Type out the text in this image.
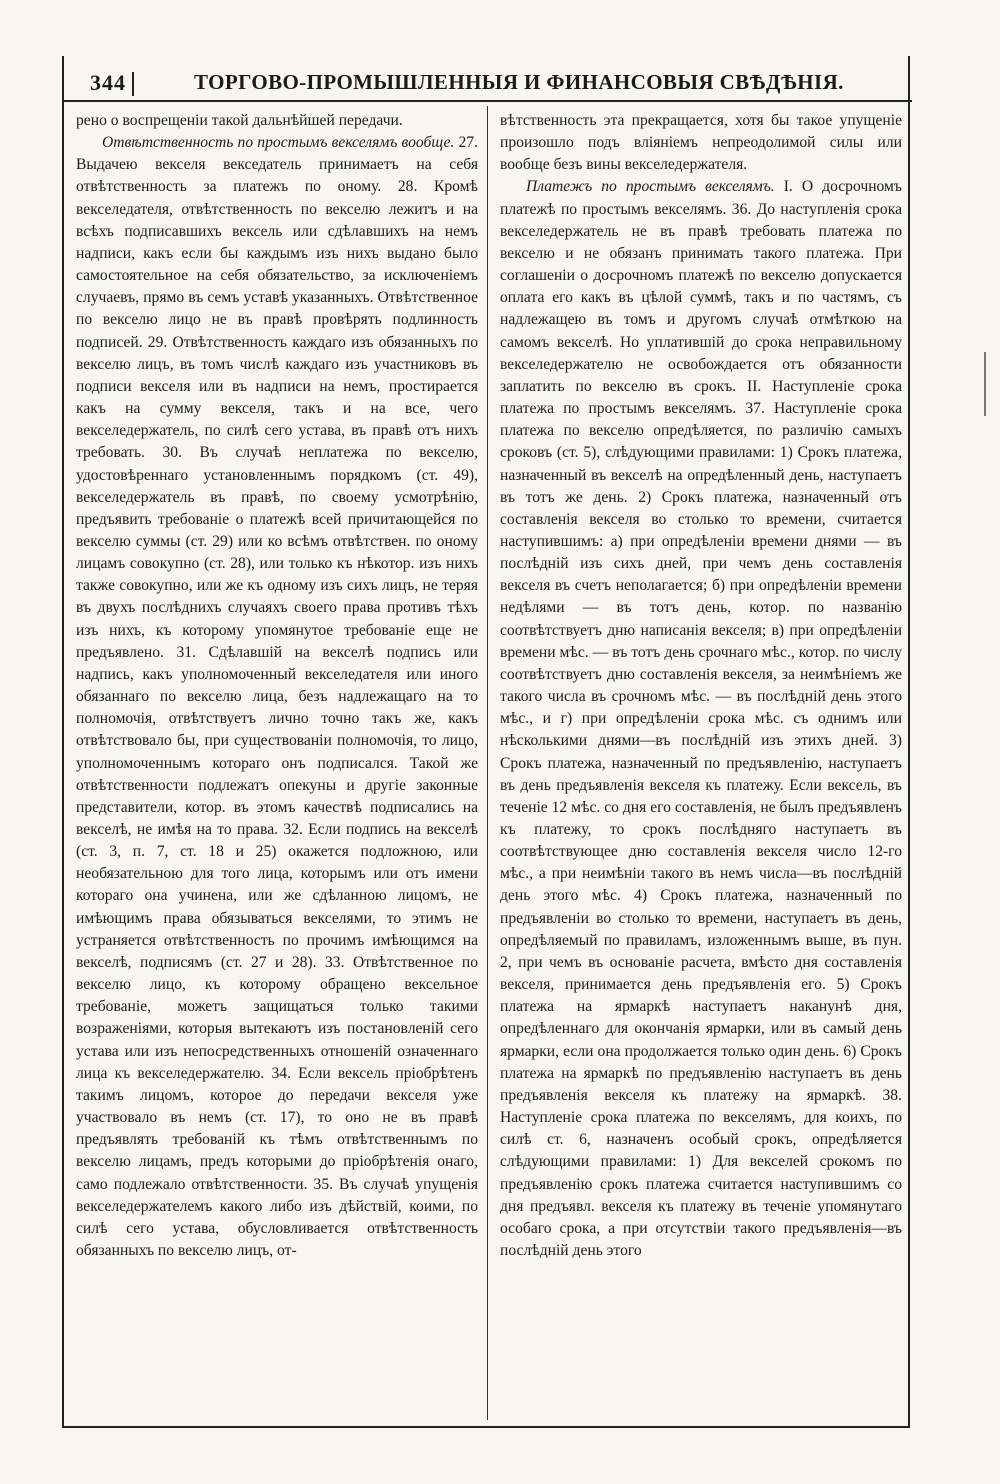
344	ТОРГОВО-ПРОМЫШЛЕННЫЯ И ФИНАНСОВЫЯ СВѢДѢНІЯ.

рено о воспрещеніи такой дальнѣйшей передачи.

Отвѣтственность по простымъ векселямъ вообще. 27. Выдачею векселя векседатель принимаетъ на себя отвѣтственность за платежъ по оному. 28. Кромѣ векселедателя, отвѣтственность по векселю лежитъ и на всѣхъ подписавшихъ вексель или сдѣлавшихъ на немъ надписи, какъ если бы каждымъ изъ нихъ выдано было самостоятельное на себя обязательство, за исключеніемъ случаевъ, прямо въ семъ уставѣ указанныхъ. Отвѣтственное по векселю лицо не въ правѣ провѣрять подлинность подписей. 29. Отвѣтственность каждаго изъ обязанныхъ по векселю лицъ, въ томъ числѣ каждаго изъ участниковъ въ подписи векселя или въ надписи на немъ, простирается какъ на сумму векселя, такъ и на все, чего векселедержатель, по силѣ сего устава, въ правѣ отъ нихъ требовать. 30. Въ случаѣ неплатежа по векселю, удостовѣреннаго установленнымъ порядкомъ (ст. 49), векселедержатель въ правѣ, по своему усмотрѣнію, предъявить требованіе о платежѣ всей причитающейся по векселю суммы (ст. 29) или ко всѣмъ отвѣтствен. по оному лицамъ совокупно (ст. 28), или только къ нѣкотор. изъ нихъ также совокупно, или же къ одному изъ сихъ лицъ, не теряя въ двухъ послѣднихъ случаяхъ своего права противъ тѣхъ изъ нихъ, къ которому упомянутое требованіе еще не предъявлено. 31. Сдѣлавшій на векселѣ подпись или надпись, какъ уполномоченный векселедателя или иного обязаннаго по векселю лица, безъ надлежащаго на то полномочія, отвѣтствуетъ лично точно такъ же, какъ отвѣтствовало бы, при существованіи полномочія, то лицо, уполномоченнымъ котораго онъ подписался. Такой же отвѣтственности подлежатъ опекуны и другіе законные представители, котор. въ этомъ качествѣ подписались на векселѣ, не имѣя на то права. 32. Если подпись на векселѣ (ст. 3, п. 7, ст. 18 и 25) окажется подложною, или необязательною для того лица, которымъ или отъ имени котораго она учинена, или же сдѣланною лицомъ, не имѣющимъ права обязываться векселями, то этимъ не устраняется отвѣтственность по прочимъ имѣющимся на векселѣ, подписямъ (ст. 27 и 28). 33. Отвѣтственное по векселю лицо, къ которому обращено вексельное требованіе, можетъ защищаться только такими возраженіями, которыя вытекаютъ изъ постановленій сего устава или изъ непосредственныхъ отношеній означеннаго лица къ векселедержателю. 34. Если вексель пріобрѣтенъ такимъ лицомъ, которое до передачи векселя уже участвовало въ немъ (ст. 17), то оно не въ правѣ предъявлять требованій къ тѣмъ отвѣтственнымъ по векселю лицамъ, предъ которыми до пріобрѣтенія онаго, само подлежало отвѣтственности. 35. Въ случаѣ упущенія векселедержателемъ какого либо изъ дѣйствій, коими, по силѣ сего устава, обусловливается отвѣтственность обязанныхъ по векселю лицъ, от-

вѣтственность эта прекращается, хотя бы такое упущеніе произошло подъ вліяніемъ непреодолимой силы или вообще безъ вины векселедержателя.

Платежъ по простымъ векселямъ. I. О досрочномъ платежѣ по простымъ векселямъ. 36. До наступленія срока векселедержатель не въ правѣ требовать платежа по векселю и не обязанъ принимать такого платежа. При соглашеніи о досрочномъ платежѣ по векселю допускается оплата его какъ въ цѣлой суммѣ, такъ и по частямъ, съ надлежащею въ томъ и другомъ случаѣ отмѣткою на самомъ векселѣ. Но уплатившій до срока неправильному векселедержателю не освобождается отъ обязанности заплатить по векселю въ срокъ. II. Наступленіе срока платежа по простымъ векселямъ. 37. Наступленіе срока платежа по векселю опредѣляется, по различію самыхъ сроковъ (ст. 5), слѣдующими правилами: 1) Срокъ платежа, назначенный въ векселѣ на опредѣленный день, наступаетъ въ тотъ же день. 2) Срокъ платежа, назначенный отъ составленія векселя во столько то времени, считается наступившимъ: а) при опредѣленіи времени днями — въ послѣдній изъ сихъ дней, при чемъ день составленія векселя въ счетъ неполагается; б) при опредѣленіи времени недѣлями — въ тотъ день, котор. по названію соотвѣтствуетъ дню написанія векселя; в) при опредѣленіи времени мѣс. — въ тотъ день срочнаго мѣс., котор. по числу соотвѣтствуетъ дню составленія векселя, за неимѣніемъ же такого числа въ срочномъ мѣс. — въ послѣдній день этого мѣс., и г) при опредѣленіи срока мѣс. съ однимъ или нѣсколькими днями—въ послѣдній изъ этихъ дней. 3) Срокъ платежа, назначенный по предъявленію, наступаетъ въ день предъявленія векселя къ платежу. Если вексель, въ теченіе 12 мѣс. со дня его составленія, не былъ предъявленъ къ платежу, то срокъ послѣдняго наступаетъ въ соотвѣтствующее дню составленія векселя число 12-го мѣс., а при неимѣніи такого въ немъ числа—въ послѣдній день этого мѣс. 4) Срокъ платежа, назначенный по предъявленіи во столько то времени, наступаетъ въ день, опредѣляемый по правиламъ, изложеннымъ выше, въ пун. 2, при чемъ въ основаніе расчета, вмѣсто дня составленія векселя, принимается день предъявленія его. 5) Срокъ платежа на ярмаркѣ наступаетъ наканунѣ дня, опредѣленнаго для окончанія ярмарки, или въ самый день ярмарки, если она продолжается только один день. 6) Срокъ платежа на ярмаркѣ по предъявленію наступаетъ въ день предъявленія векселя къ платежу на ярмаркѣ. 38. Наступленіе срока платежа по векселямъ, для коихъ, по силѣ ст. 6, назначенъ особый срокъ, опредѣляется слѣдующими правилами: 1) Для векселей срокомъ по предъявленію срокъ платежа считается наступившимъ со дня предъявл. векселя къ платежу въ теченіе упомянутаго особаго срока, а при отсутствіи такого предъявленія—въ послѣдній день этого
